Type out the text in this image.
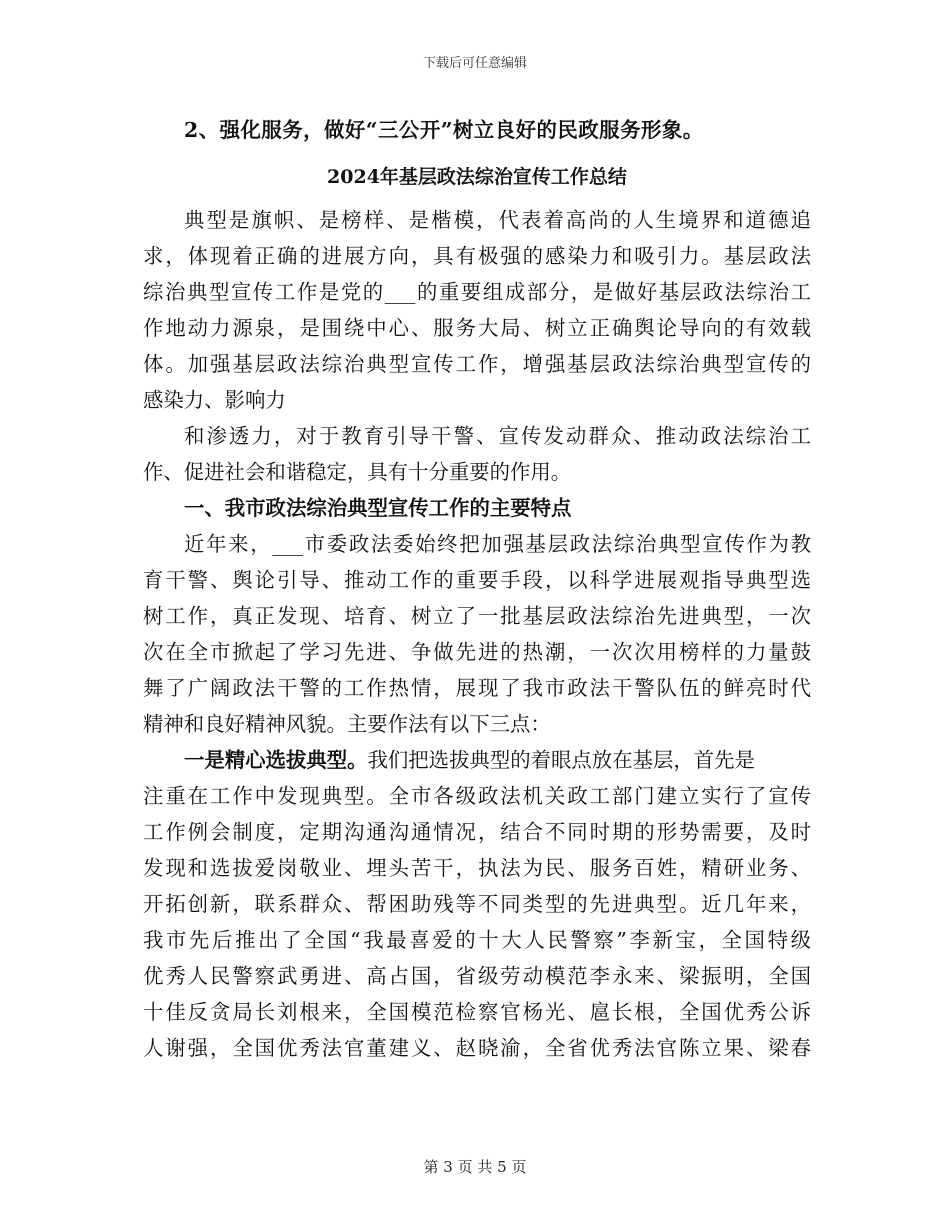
下载后可任意编辑
2、强化服务，做好“三公开”树立良好的民政服务形象。
2024年基层政法综治宣传工作总结
典型是旗帜、是榜样、是楷模，代表着高尚的人生境界和道德追
求，体现着正确的进展方向，具有极强的感染力和吸引力。基层政法
综治典型宣传工作是党的___的重要组成部分，是做好基层政法综治工
作地动力源泉，是围绕中心、服务大局、树立正确舆论导向的有效载
体。加强基层政法综治典型宣传工作，增强基层政法综治典型宣传的
感染力、影响力
和渗透力，对于教育引导干警、宣传发动群众、推动政法综治工
作、促进社会和谐稳定，具有十分重要的作用。
一、我市政法综治典型宣传工作的主要特点
近年来，___市委政法委始终把加强基层政法综治典型宣传作为教
育干警、舆论引导、推动工作的重要手段，以科学进展观指导典型选
树工作，真正发现、培育、树立了一批基层政法综治先进典型，一次
次在全市掀起了学习先进、争做先进的热潮，一次次用榜样的力量鼓
舞了广阔政法干警的工作热情，展现了我市政法干警队伍的鲜亮时代
精神和良好精神风貌。主要作法有以下三点：
一是精心选拔典型。我们把选拔典型的着眼点放在基层，首先是
注重在工作中发现典型。全市各级政法机关政工部门建立实行了宣传
工作例会制度，定期沟通沟通情况，结合不同时期的形势需要，及时
发现和选拔爱岗敬业、埋头苦干，执法为民、服务百姓，精研业务、
开拓创新，联系群众、帮困助残等不同类型的先进典型。近几年来，
我市先后推出了全国“我最喜爱的十大人民警察”李新宝，全国特级
优秀人民警察武勇进、高占国，省级劳动模范李永来、梁振明，全国
十佳反贪局长刘根来，全国模范检察官杨光、扈长根，全国优秀公诉
人谢强，全国优秀法官董建义、赵晓渝，全省优秀法官陈立果、梁春
第 3 页 共 5 页
